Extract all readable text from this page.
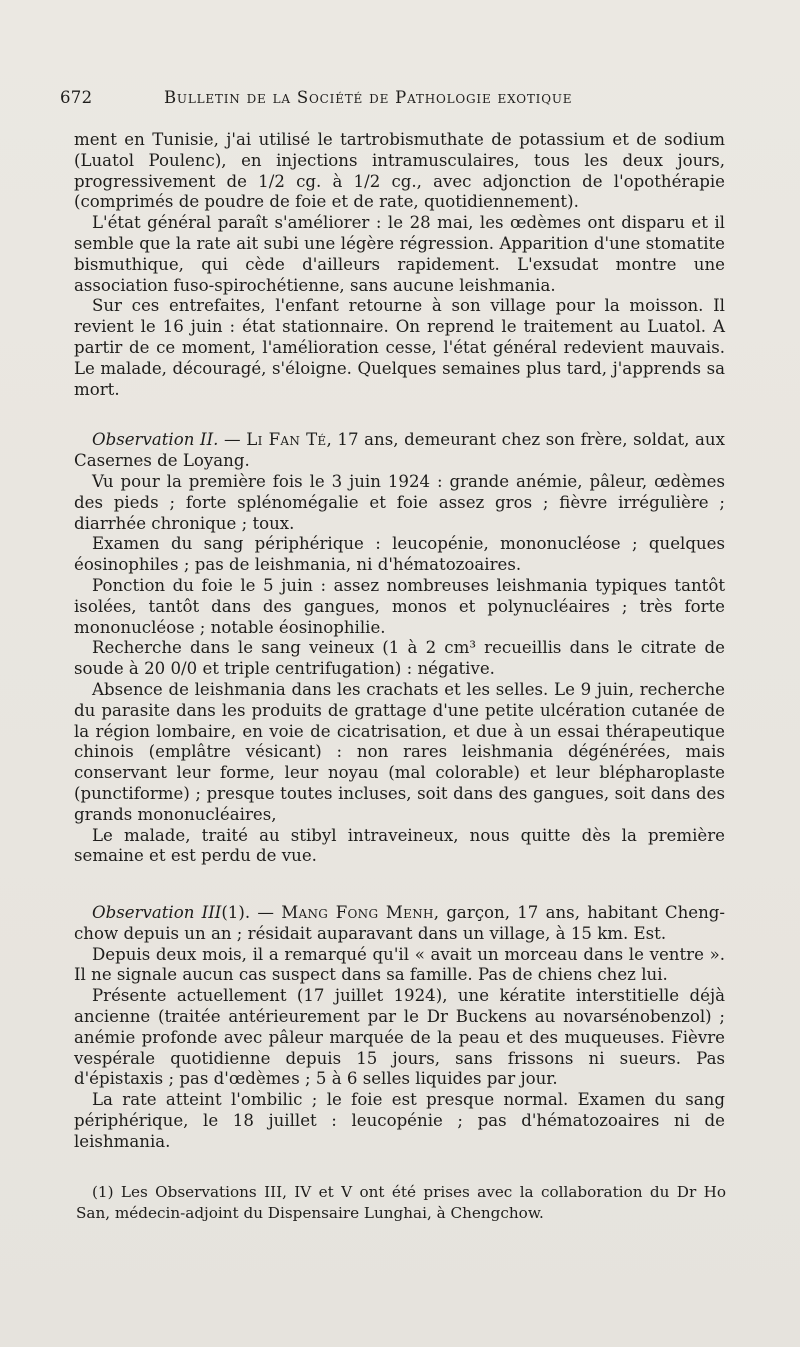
672	Bulletin de la Société de Pathologie exotique

ment en Tunisie, j'ai utilisé le tartrobismuthate de potassium et de sodium (Luatol Poulenc), en injections intramusculaires, tous les deux jours, progressivement de 1/2 cg. à 1/2 cg., avec adjonction de l'opothérapie (comprimés de poudre de foie et de rate, quotidiennement).

L'état général paraît s'améliorer : le 28 mai, les œdèmes ont disparu et il semble que la rate ait subi une légère régression. Apparition d'une stomatite bismuthique, qui cède d'ailleurs rapidement. L'exsudat montre une association fuso-spirochétienne, sans aucune leishmania.

Sur ces entrefaites, l'enfant retourne à son village pour la moisson. Il revient le 16 juin : état stationnaire. On reprend le traitement au Luatol. A partir de ce moment, l'amélioration cesse, l'état général redevient mauvais. Le malade, découragé, s'éloigne. Quelques semaines plus tard, j'apprends sa mort.

Observation II. — Li Fan Té, 17 ans, demeurant chez son frère, soldat, aux Casernes de Loyang.

Vu pour la première fois le 3 juin 1924 : grande anémie, pâleur, œdèmes des pieds ; forte splénomégalie et foie assez gros ; fièvre irrégulière ; diarrhée chronique ; toux.

Examen du sang périphérique : leucopénie, mononucléose ; quelques éosinophiles ; pas de leishmania, ni d'hématozoaires.

Ponction du foie le 5 juin : assez nombreuses leishmania typiques tantôt isolées, tantôt dans des gangues, monos et polynucléaires ; très forte mononucléose ; notable éosinophilie.

Recherche dans le sang veineux (1 à 2 cm³ recueillis dans le citrate de soude à 20 0/0 et triple centrifugation) : négative.

Absence de leishmania dans les crachats et les selles. Le 9 juin, recherche du parasite dans les produits de grattage d'une petite ulcération cutanée de la région lombaire, en voie de cicatrisation, et due à un essai thérapeutique chinois (emplâtre vésicant) : non rares leishmania dégénérées, mais conservant leur forme, leur noyau (mal colorable) et leur blépharoplaste (punctiforme) ; presque toutes incluses, soit dans des gangues, soit dans des grands mononucléaires,

Le malade, traité au stibyl intraveineux, nous quitte dès la première semaine et est perdu de vue.

Observation III(1). — Mang Fong Menh, garçon, 17 ans, habitant Cheng-chow depuis un an ; résidait auparavant dans un village, à 15 km. Est.

Depuis deux mois, il a remarqué qu'il « avait un morceau dans le ventre ». Il ne signale aucun cas suspect dans sa famille. Pas de chiens chez lui.

Présente actuellement (17 juillet 1924), une kératite interstitielle déjà ancienne (traitée antérieurement par le Dr Buckens au novarsénobenzol) ; anémie profonde avec pâleur marquée de la peau et des muqueuses. Fièvre vespérale quotidienne depuis 15 jours, sans frissons ni sueurs. Pas d'épistaxis ; pas d'œdèmes ; 5 à 6 selles liquides par jour.

La rate atteint l'ombilic ; le foie est presque normal. Examen du sang périphérique, le 18 juillet : leucopénie ; pas d'hématozoaires ni de leishmania.

(1) Les Observations III, IV et V ont été prises avec la collaboration du Dr Ho San, médecin-adjoint du Dispensaire Lunghai, à Chengchow.
